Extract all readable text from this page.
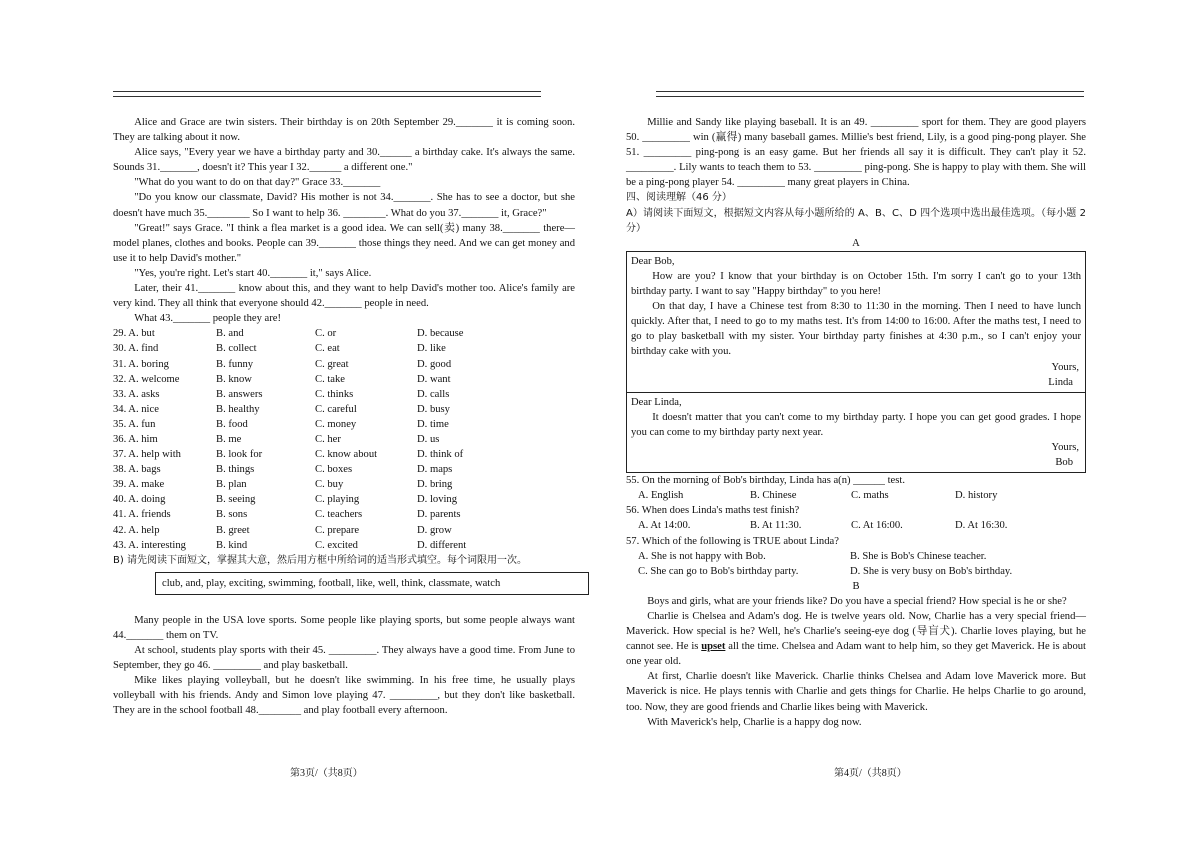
Alice and Grace are twin sisters. Their birthday is on 20th September 29._______ it is coming soon. They are talking about it now.

Alice says, "Every year we have a birthday party and 30.______ a birthday cake. It's always the same. Sounds 31._______, doesn't it? This year I 32.______ a different one."

"What do you want to do on that day?" Grace 33._______

"Do you know our classmate, David? His mother is not 34._______. She has to see a doctor, but she doesn't have much 35.________ So I want to help 36. ________. What do you 37._______ it, Grace?"

"Great!" says Grace. "I think a flea market is a good idea. We can sell(卖) many 38._______ there—model planes, clothes and books. People can 39._______ those things they need. And we can get money and use it to help David's mother."

"Yes, you're right. Let's start 40._______ it," says Alice.

Later, their 41._______ know about this, and they want to help David's mother too. Alice's family are very kind. They all think that everyone should 42._______ people in need.

What 43._______ people they are!

29. A. but	B. and	C. or	D. because
30. A. find	B. collect	C. eat	D. like
31. A. boring	B. funny	C. great	D. good
32. A. welcome	B. know	C. take	D. want
33. A. asks	B. answers	C. thinks	D. calls
34. A. nice	B. healthy	C. careful	D. busy
35. A. fun	B. food	C. money	D. time
36. A. him	B. me	C. her	D. us
37. A. help with	B. look for	C. know about	D. think of
38. A. bags	B. things	C. boxes	D. maps
39. A. make	B. plan	C. buy	D. bring
40. A. doing	B. seeing	C. playing	D. loving
41. A. friends	B. sons	C. teachers	D. parents
42. A. help	B. greet	C. prepare	D. grow
43. A. interesting	B. kind	C. excited	D. different

B) 请先阅读下面短文，掌握其大意，然后用方框中所给词的适当形式填空。每个词限用一次。

club, and, play, exciting, swimming, football, like, well, think, classmate, watch

Many people in the USA love sports. Some people like playing sports, but some people always want 44._______ them on TV.

At school, students play sports with their 45. _________. They always have a good time. From June to September, they go 46. _________ and play basketball.

Mike likes playing volleyball, but he doesn't like swimming. In his free time, he usually plays volleyball with his friends. Andy and Simon love playing 47. _________, but they don't like basketball. They are in the school football 48.________ and play football every afternoon.

第3页/（共8页）

Millie and Sandy like playing baseball. It is an 49. _________ sport for them. They are good players 50. _________ win (赢得) many baseball games. Millie's best friend, Lily, is a good ping-pong player. She 51. _________ ping-pong is an easy game. But her friends all say it is difficult. They can't play it 52. _________. Lily wants to teach them to 53. _________ ping-pong. She is happy to play with them. She will be a ping-pong player 54. _________ many great players in China.

四、阅读理解（46 分）

A）请阅读下面短文，根据短文内容从每小题所给的 A、B、C、D 四个选项中选出最佳选项。（每小题 2 分）

A

Dear Bob,

How are you? I know that your birthday is on October 15th. I'm sorry I can't go to your 13th birthday party. I want to say "Happy birthday" to you here!

On that day, I have a Chinese test from 8:30 to 11:30 in the morning. Then I need to have lunch quickly. After that, I need to go to my maths test. It's from 14:00 to 16:00. After the maths test, I need to go to play basketball with my sister. Your birthday party finishes at 4:30 p.m., so I can't enjoy your birthday cake with you.

Yours,

Linda

Dear Linda,

It doesn't matter that you can't come to my birthday party. I hope you can get good grades. I hope you can come to my birthday party next year.

Yours,

Bob

55. On the morning of Bob's birthday, Linda has a(n) ______ test.

A. English	B. Chinese	C. maths	D. history

56. When does Linda's maths test finish?

A. At 14:00.	B. At 11:30.	C. At 16:00.	D. At 16:30.

57. Which of the following is TRUE about Linda?

A. She is not happy with Bob.	B. She is Bob's Chinese teacher.
C. She can go to Bob's birthday party.	D. She is very busy on Bob's birthday.

B

Boys and girls, what are your friends like? Do you have a special friend? How special is he or she?

Charlie is Chelsea and Adam's dog. He is twelve years old. Now, Charlie has a very special friend—Maverick. How special is he? Well, he's Charlie's seeing-eye dog (导盲犬). Charlie loves playing, but he cannot see. He is upset all the time. Chelsea and Adam want to help him, so they get Maverick. He is about one year old.

At first, Charlie doesn't like Maverick. Charlie thinks Chelsea and Adam love Maverick more. But Maverick is nice. He plays tennis with Charlie and gets things for Charlie. He helps Charlie to go around, too. Now, they are good friends and Charlie likes being with Maverick.

With Maverick's help, Charlie is a happy dog now.

第4页/（共8页）
